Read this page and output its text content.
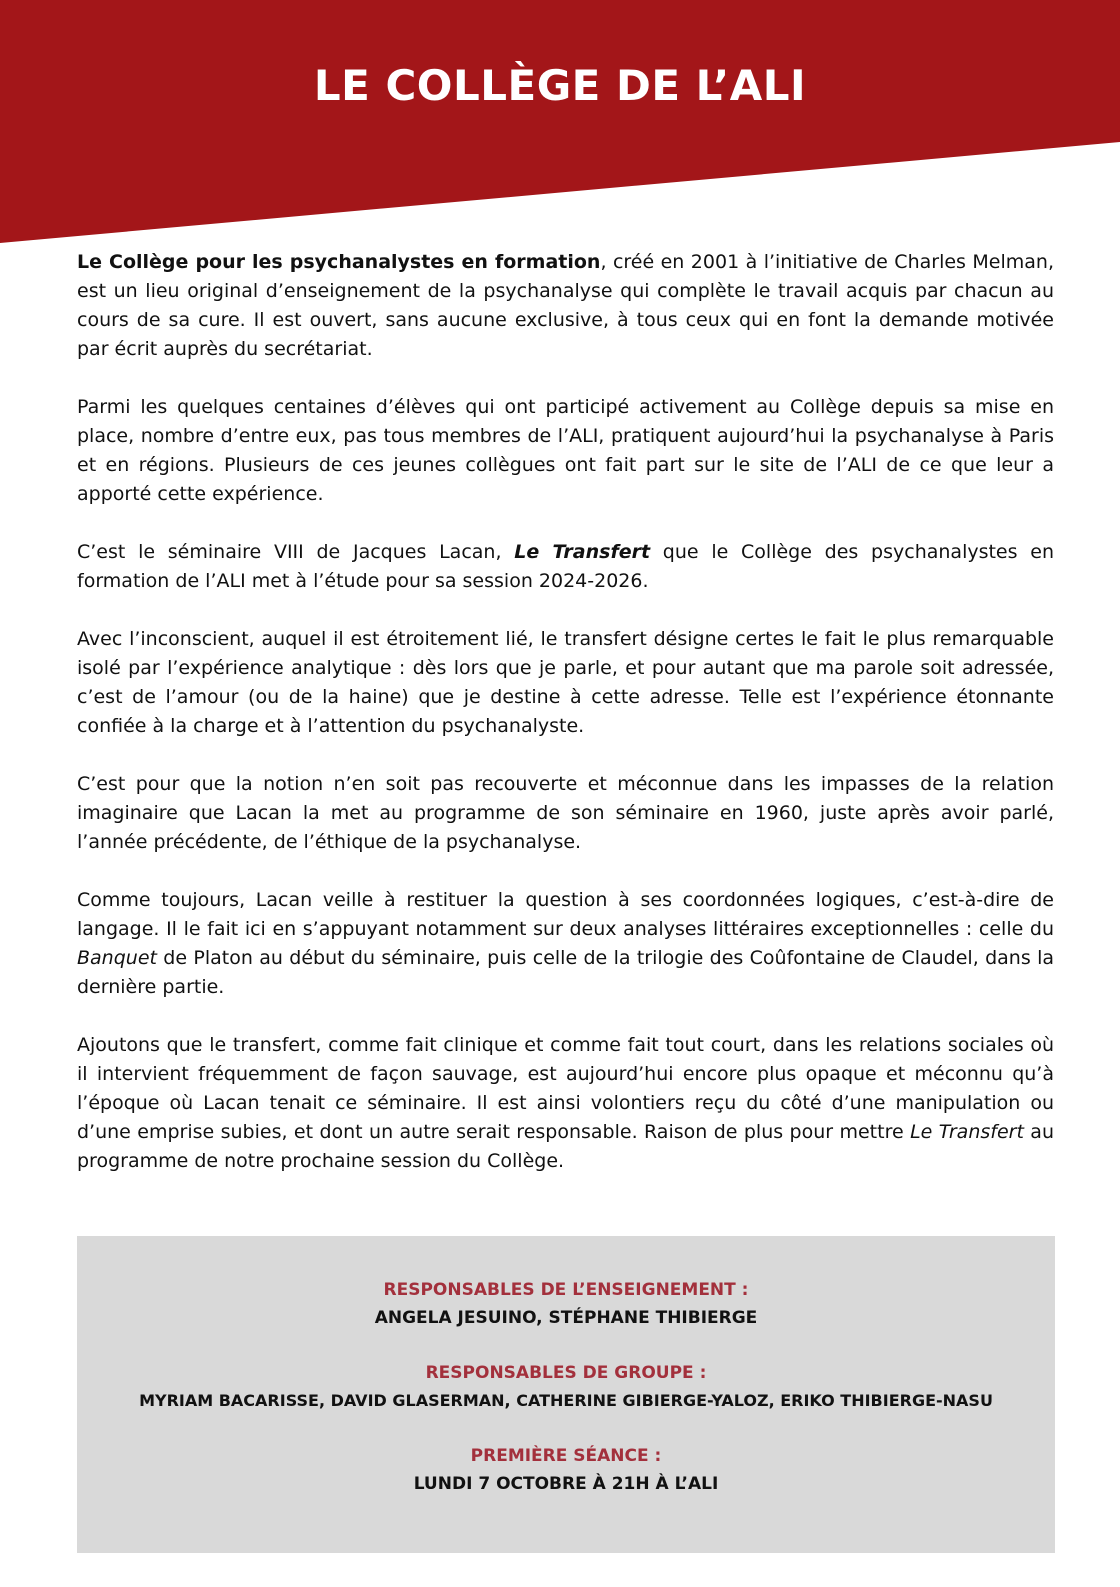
LE COLLÈGE DE L’ALI

Le Collège pour les psychanalystes en formation, créé en 2001 à l’initiative de Charles Melman, est un lieu original d’enseignement de la psychanalyse qui complète le travail acquis par chacun au cours de sa cure. Il est ouvert, sans aucune exclusive, à tous ceux qui en font la demande motivée par écrit auprès du secrétariat.

Parmi les quelques centaines d’élèves qui ont participé activement au Collège depuis sa mise en place, nombre d’entre eux, pas tous membres de l’ALI, pratiquent aujourd’hui la psychanalyse à Paris et en régions. Plusieurs de ces jeunes collègues ont fait part sur le site de l’ALI de ce que leur a apporté cette expérience.

C’est le séminaire VIII de Jacques Lacan, Le Transfert que le Collège des psychanalystes en formation de l’ALI met à l’étude pour sa session 2024-2026.

Avec l’inconscient, auquel il est étroitement lié, le transfert désigne certes le fait le plus remarquable isolé par l’expérience analytique : dès lors que je parle, et pour autant que ma parole soit adressée, c’est de l’amour (ou de la haine) que je destine à cette adresse. Telle est l’expérience étonnante confiée à la charge et à l’attention du psychanalyste.

C’est pour que la notion n’en soit pas recouverte et méconnue dans les impasses de la relation imaginaire que Lacan la met au programme de son séminaire en 1960, juste après avoir parlé, l’année précédente, de l’éthique de la psychanalyse.

Comme toujours, Lacan veille à restituer la question à ses coordonnées logiques, c’est-à-dire de langage. Il le fait ici en s’appuyant notamment sur deux analyses littéraires exceptionnelles : celle du Banquet de Platon au début du séminaire, puis celle de la trilogie des Coûfontaine de Claudel, dans la dernière partie.

Ajoutons que le transfert, comme fait clinique et comme fait tout court, dans les relations sociales où il intervient fréquemment de façon sauvage, est aujourd’hui encore plus opaque et méconnu qu’à l’époque où Lacan tenait ce séminaire. Il est ainsi volontiers reçu du côté d’une manipulation ou d’une emprise subies, et dont un autre serait responsable. Raison de plus pour mettre Le Transfert au programme de notre prochaine session du Collège.

RESPONSABLES DE L’ENSEIGNEMENT :
ANGELA JESUINO, STÉPHANE THIBIERGE
RESPONSABLES DE GROUPE :
MYRIAM BACARISSE, DAVID GLASERMAN, CATHERINE GIBIERGE-YALOZ, ERIKO THIBIERGE-NASU
PREMIÈRE SÉANCE :
LUNDI 7 OCTOBRE À 21H À L’ALI
